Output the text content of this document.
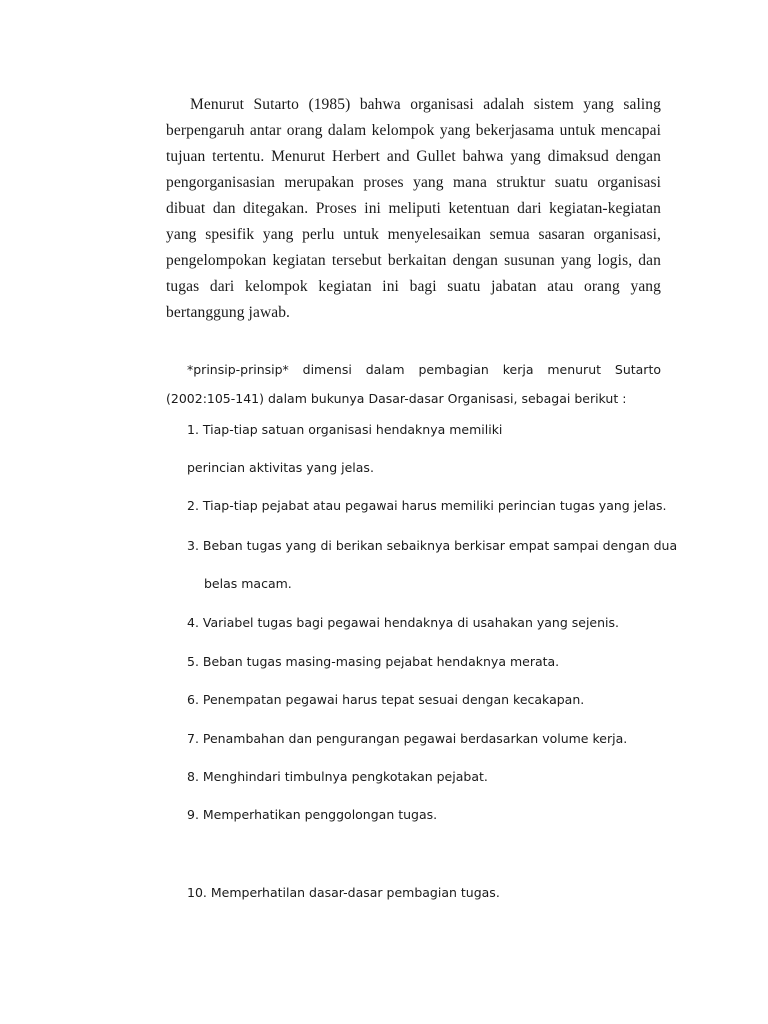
Menurut Sutarto (1985) bahwa organisasi adalah sistem yang saling berpengaruh antar orang dalam kelompok yang bekerjasama untuk mencapai tujuan tertentu. Menurut Herbert and Gullet bahwa yang dimaksud dengan pengorganisasian merupakan proses yang mana struktur suatu organisasi dibuat dan ditegakan. Proses ini meliputi ketentuan dari kegiatan-kegiatan yang spesifik yang perlu untuk menyelesaikan semua sasaran organisasi, pengelompokan kegiatan tersebut berkaitan dengan susunan yang logis, dan tugas dari kelompok kegiatan ini bagi suatu jabatan atau orang yang bertanggung jawab.

*prinsip-prinsip* dimensi dalam pembagian kerja menurut Sutarto (2002:105-141) dalam bukunya Dasar-dasar Organisasi, sebagai berikut :

1. Tiap-tiap satuan organisasi hendaknya memiliki

perincian aktivitas yang jelas.

2. Tiap-tiap pejabat atau pegawai harus memiliki perincian tugas yang jelas.

3. Beban tugas yang di berikan sebaiknya berkisar empat sampai dengan dua

belas macam.

4. Variabel tugas bagi pegawai hendaknya di usahakan yang sejenis.

5. Beban tugas masing-masing pejabat hendaknya merata.

6. Penempatan pegawai harus tepat sesuai dengan kecakapan.

7. Penambahan dan pengurangan pegawai berdasarkan volume kerja.

8. Menghindari timbulnya pengkotakan pejabat.

9. Memperhatikan penggolongan tugas.

10. Memperhatilan dasar-dasar pembagian tugas.
